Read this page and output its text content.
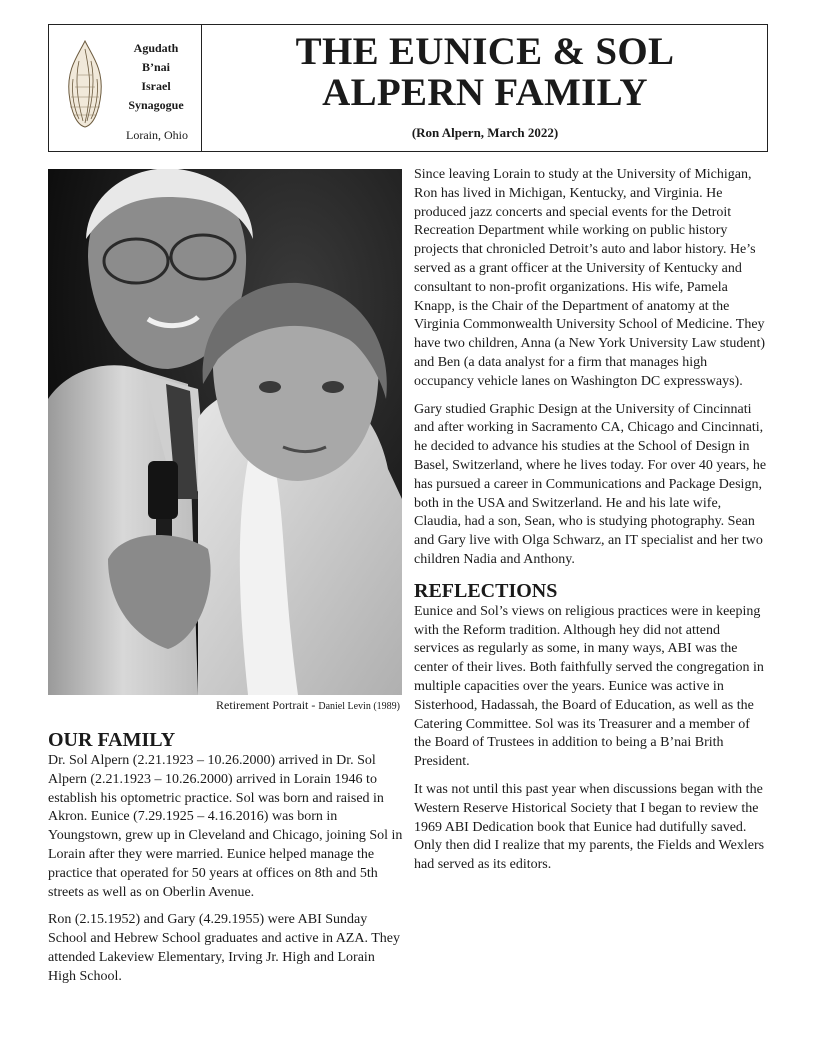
Agudath
B’nai
Israel
Synagogue
Lorain, Ohio
THE EUNICE & SOL
ALPERN FAMILY
(Ron Alpern, March 2022)
Retirement Portrait - Daniel Levin (1989)
OUR FAMILY

Dr. Sol Alpern (2.21.1923 – 10.26.2000) arrived in Dr. Sol Alpern (2.21.1923 – 10.26.2000) arrived in Lorain 1946 to establish his optometric practice. Sol was born and raised in Akron. Eunice (7.29.1925 – 4.16.2016) was born in Youngstown, grew up in Cleveland and Chicago, joining Sol in Lorain after they were married. Eunice helped manage the practice that operated for 50 years at offices on 8th and 5th streets as well as on Oberlin Avenue.

Ron (2.15.1952) and Gary (4.29.1955) were ABI Sunday School and Hebrew School graduates and active in AZA. They attended Lakeview Elementary, Irving Jr. High and Lorain High School.

Since leaving Lorain to study at the University of Michigan, Ron has lived in Michigan, Kentucky, and Virginia. He produced jazz concerts and special events for the Detroit Recreation Department while working on public history projects that chronicled Detroit’s auto and labor history. He’s served as a grant officer at the University of Kentucky and consultant to non-profit organizations. His wife, Pamela Knapp, is the Chair of the Department of anatomy at the Virginia Commonwealth University School of Medicine. They have two children, Anna (a New York University Law student) and Ben (a data analyst for a firm that manages high occupancy vehicle lanes on Washington DC expressways).

Gary studied Graphic Design at the University of Cincinnati and after working in Sacramento CA, Chicago and Cincinnati, he decided to advance his studies at the School of Design in Basel, Switzerland, where he lives today. For over 40 years, he has pursued a career in Communications and Package Design, both in the USA and Switzerland. He and his late wife, Claudia, had a son, Sean, who is studying photography. Sean and Gary live with Olga Schwarz, an IT specialist and her two children Nadia and Anthony.

REFLECTIONS

Eunice and Sol’s views on religious practices were in keeping with the Reform tradition. Although hey did not attend services as regularly as some, in many ways, ABI was the center of their lives. Both faithfully served the congregation in multiple capacities over the years. Eunice was active in Sisterhood, Hadassah, the Board of Education, as well as the Catering Committee. Sol was its Treasurer and a member of the Board of Trustees in addition to being a B’nai Brith President.

It was not until this past year when discussions began with the Western Reserve Historical Society that I began to review the 1969 ABI Dedication book that Eunice had dutifully saved. Only then did I realize that my parents, the Fields and Wexlers had served as its editors.
